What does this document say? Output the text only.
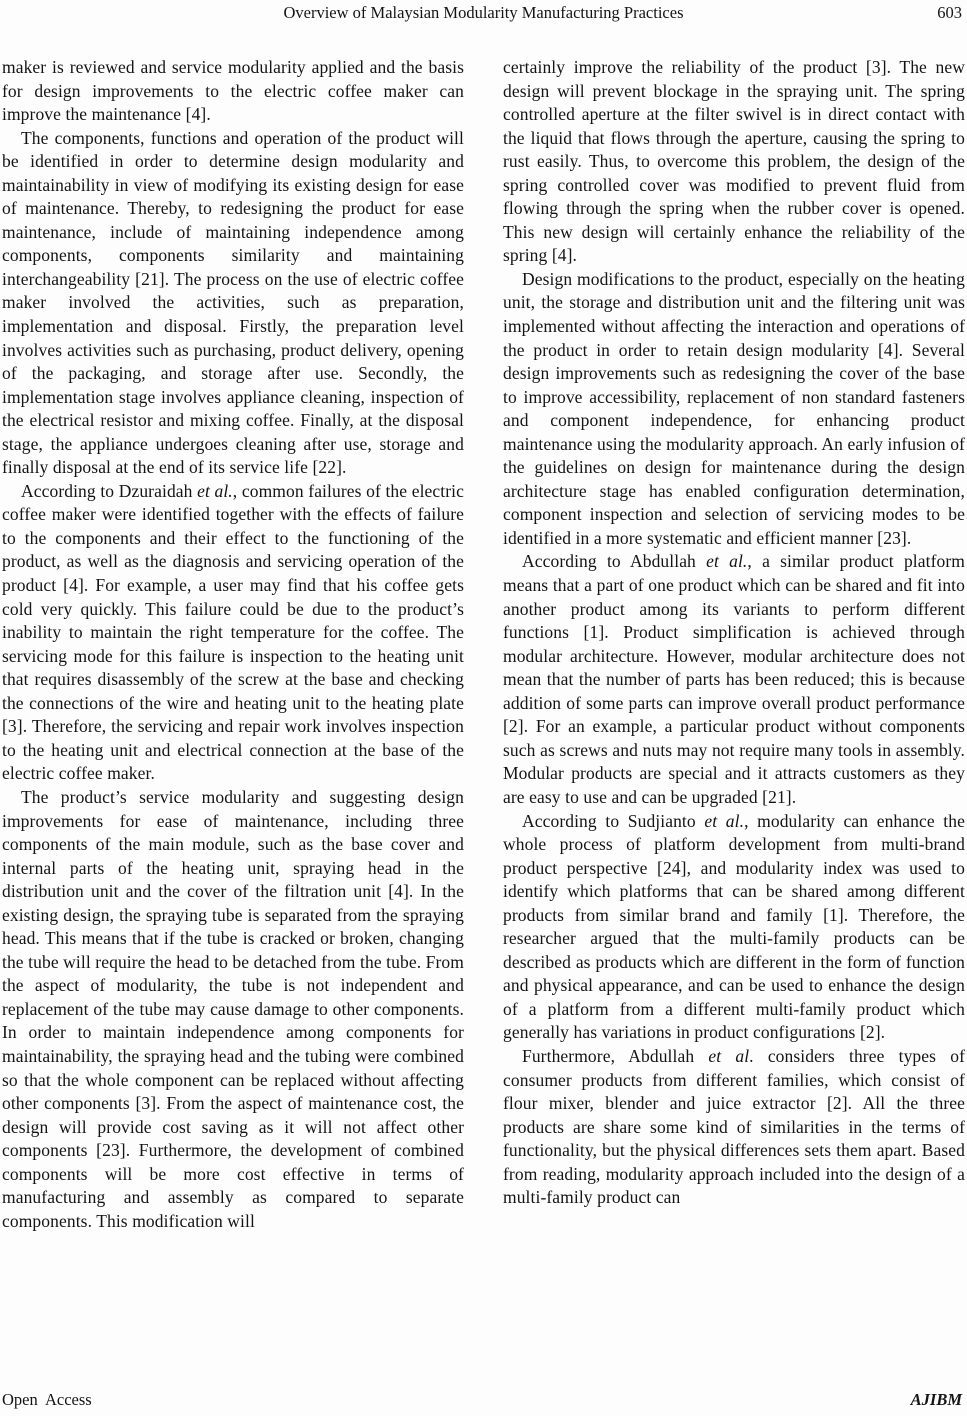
Overview of Malaysian Modularity Manufacturing Practices	603

maker is reviewed and service modularity applied and the basis for design improvements to the electric coffee maker can improve the maintenance [4].

The components, functions and operation of the product will be identified in order to determine design modularity and maintainability in view of modifying its existing design for ease of maintenance. Thereby, to redesigning the product for ease maintenance, include of maintaining independence among components, components similarity and maintaining interchangeability [21]. The process on the use of electric coffee maker involved the activities, such as preparation, implementation and disposal. Firstly, the preparation level involves activities such as purchasing, product delivery, opening of the packaging, and storage after use. Secondly, the implementation stage involves appliance cleaning, inspection of the electrical resistor and mixing coffee. Finally, at the disposal stage, the appliance undergoes cleaning after use, storage and finally disposal at the end of its service life [22].

According to Dzuraidah et al., common failures of the electric coffee maker were identified together with the effects of failure to the components and their effect to the functioning of the product, as well as the diagnosis and servicing operation of the product [4]. For example, a user may find that his coffee gets cold very quickly. This failure could be due to the product’s inability to maintain the right temperature for the coffee. The servicing mode for this failure is inspection to the heating unit that requires disassembly of the screw at the base and checking the connections of the wire and heating unit to the heating plate [3]. Therefore, the servicing and repair work involves inspection to the heating unit and electrical connection at the base of the electric coffee maker.

The product’s service modularity and suggesting design improvements for ease of maintenance, including three components of the main module, such as the base cover and internal parts of the heating unit, spraying head in the distribution unit and the cover of the filtration unit [4]. In the existing design, the spraying tube is separated from the spraying head. This means that if the tube is cracked or broken, changing the tube will require the head to be detached from the tube. From the aspect of modularity, the tube is not independent and replacement of the tube may cause damage to other components. In order to maintain independence among components for maintainability, the spraying head and the tubing were combined so that the whole component can be replaced without affecting other components [3]. From the aspect of maintenance cost, the design will provide cost saving as it will not affect other components [23]. Furthermore, the development of combined components will be more cost effective in terms of manufacturing and assembly as compared to separate components. This modification will

certainly improve the reliability of the product [3]. The new design will prevent blockage in the spraying unit. The spring controlled aperture at the filter swivel is in direct contact with the liquid that flows through the aperture, causing the spring to rust easily. Thus, to overcome this problem, the design of the spring controlled cover was modified to prevent fluid from flowing through the spring when the rubber cover is opened. This new design will certainly enhance the reliability of the spring [4].

Design modifications to the product, especially on the heating unit, the storage and distribution unit and the filtering unit was implemented without affecting the interaction and operations of the product in order to retain design modularity [4]. Several design improvements such as redesigning the cover of the base to improve accessibility, replacement of non standard fasteners and component independence, for enhancing product maintenance using the modularity approach. An early infusion of the guidelines on design for maintenance during the design architecture stage has enabled configuration determination, component inspection and selection of servicing modes to be identified in a more systematic and efficient manner [23].

According to Abdullah et al., a similar product platform means that a part of one product which can be shared and fit into another product among its variants to perform different functions [1]. Product simplification is achieved through modular architecture. However, modular architecture does not mean that the number of parts has been reduced; this is because addition of some parts can improve overall product performance [2]. For an example, a particular product without components such as screws and nuts may not require many tools in assembly. Modular products are special and it attracts customers as they are easy to use and can be upgraded [21].

According to Sudjianto et al., modularity can enhance the whole process of platform development from multi-brand product perspective [24], and modularity index was used to identify which platforms that can be shared among different products from similar brand and family [1]. Therefore, the researcher argued that the multi-family products can be described as products which are different in the form of function and physical appearance, and can be used to enhance the design of a platform from a different multi-family product which generally has variations in product configurations [2].

Furthermore, Abdullah et al. considers three types of consumer products from different families, which consist of flour mixer, blender and juice extractor [2]. All the three products are share some kind of similarities in the terms of functionality, but the physical differences sets them apart. Based from reading, modularity approach included into the design of a multi-family product can

Open Access	AJIBM
